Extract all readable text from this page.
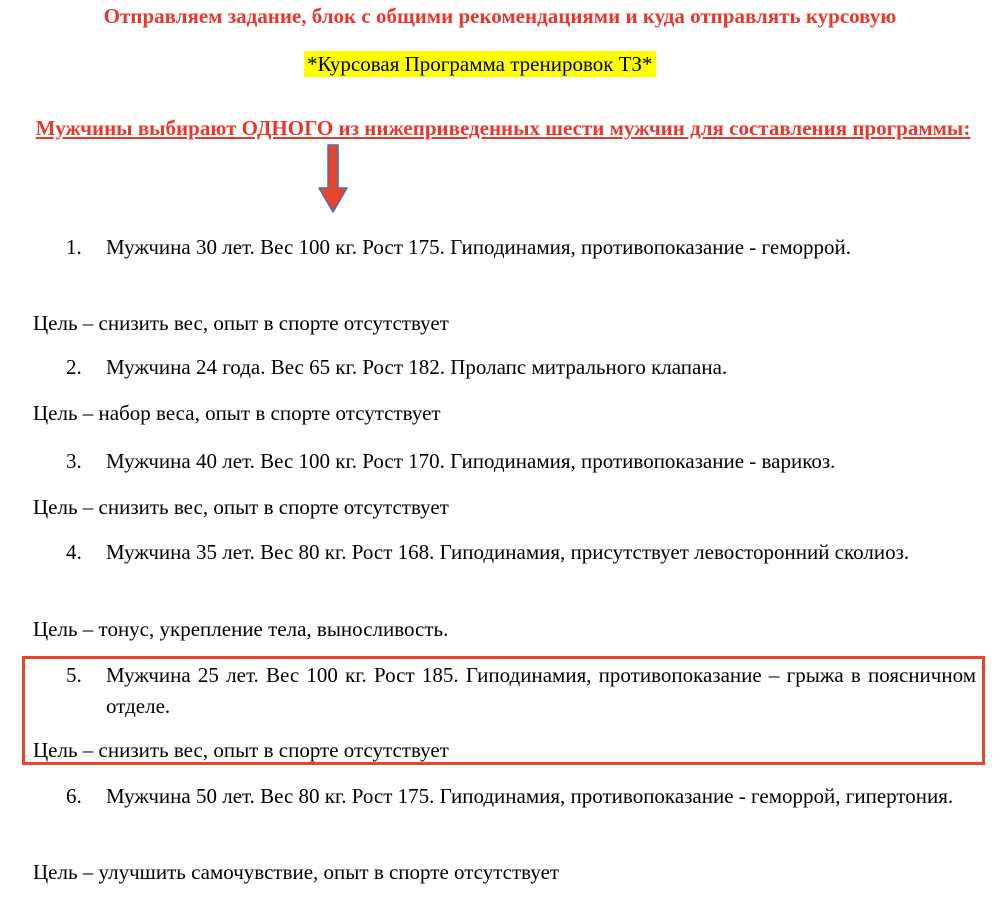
Отправляем задание, блок с общими рекомендациями и куда отправлять курсовую
*Курсовая Программа тренировок ТЗ*
Мужчины выбирают ОДНОГО из нижеприведенных шести мужчин для составления программы:
1. Мужчина 30 лет. Вес 100 кг. Рост 175. Гиподинамия, противопоказание - геморрой.
Цель – снизить вес, опыт в спорте отсутствует
2. Мужчина 24 года. Вес 65 кг. Рост 182. Пролапс митрального клапана.
Цель – набор веса, опыт в спорте отсутствует
3. Мужчина 40 лет. Вес 100 кг. Рост 170. Гиподинамия, противопоказание - варикоз.
Цель – снизить вес, опыт в спорте отсутствует
4. Мужчина 35 лет. Вес 80 кг. Рост 168. Гиподинамия, присутствует левосторонний сколиоз.
Цель – тонус, укрепление тела, выносливость.
5. Мужчина 25 лет. Вес 100 кг. Рост 185. Гиподинамия, противопоказание – грыжа в поясничном отделе.
Цель – снизить вес, опыт в спорте отсутствует
6. Мужчина 50 лет. Вес 80 кг. Рост 175. Гиподинамия, противопоказание - геморрой, гипертония.
Цель – улучшить самочувствие, опыт в спорте отсутствует
